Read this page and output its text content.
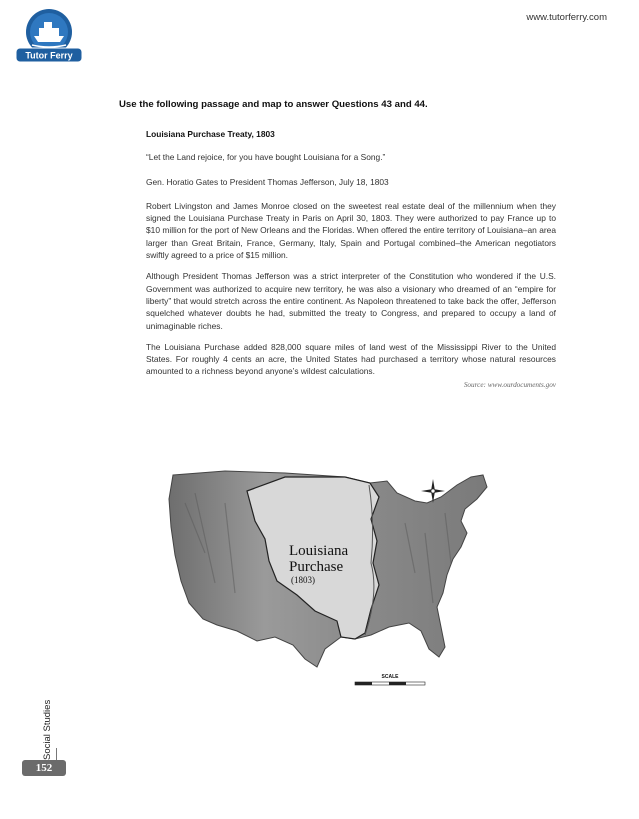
Tutor Ferry
www.tutorferry.com
Use the following passage and map to answer Questions 43 and 44.

Louisiana Purchase Treaty, 1803

“Let the Land rejoice, for you have bought Louisiana for a Song.”

Gen. Horatio Gates to President Thomas Jefferson, July 18, 1803

Robert Livingston and James Monroe closed on the sweetest real estate deal of the millennium when they signed the Louisiana Purchase Treaty in Paris on April 30, 1803. They were authorized to pay France up to $10 million for the port of New Orleans and the Floridas. When offered the entire territory of Louisiana–an area larger than Great Britain, France, Germany, Italy, Spain and Portugal combined–the American negotiators swiftly agreed to a price of $15 million.

Although President Thomas Jefferson was a strict interpreter of the Constitution who wondered if the U.S. Government was authorized to acquire new territory, he was also a visionary who dreamed of an “empire for liberty” that would stretch across the entire continent. As Napoleon threatened to take back the offer, Jefferson squelched whatever doubts he had, submitted the treaty to Congress, and prepared to occupy a land of unimaginable riches.

The Louisiana Purchase added 828,000 square miles of land west of the Mississippi River to the United States. For roughly 4 cents an acre, the United States had purchased a territory whose natural resources amounted to a richness beyond anyone’s wildest calculations.

Source: www.ourdocuments.gov
Louisiana
Purchase
(1803)
SCALE
Social Studies
152
